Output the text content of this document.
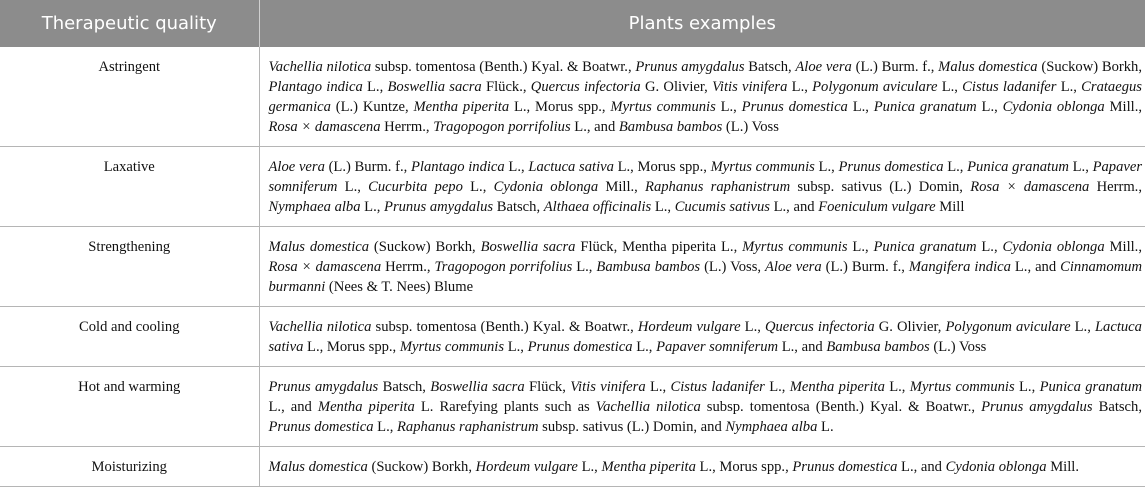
Therapeutic quality	Plants examples
Astringent	Vachellia nilotica subsp. tomentosa (Benth.) Kyal. & Boatwr., Prunus amygdalus Batsch, Aloe vera (L.) Burm. f., Malus domestica (Suckow) Borkh, Plantago indica L., Boswellia sacra Flück., Quercus infectoria G. Olivier, Vitis vinifera L., Polygonum aviculare L., Cistus ladanifer L., Crataegus germanica (L.) Kuntze, Mentha piperita L., Morus spp., Myrtus communis L., Prunus domestica L., Punica granatum L., Cydonia oblonga Mill., Rosa × damascena Herrm., Tragopogon porrifolius L., and Bambusa bambos (L.) Voss
Laxative	Aloe vera (L.) Burm. f., Plantago indica L., Lactuca sativa L., Morus spp., Myrtus communis L., Prunus domestica L., Punica granatum L., Papaver somniferum L., Cucurbita pepo L., Cydonia oblonga Mill., Raphanus raphanistrum subsp. sativus (L.) Domin, Rosa × damascena Herrm., Nymphaea alba L., Prunus amygdalus Batsch, Althaea officinalis L., Cucumis sativus L., and Foeniculum vulgare Mill
Strengthening	Malus domestica (Suckow) Borkh, Boswellia sacra Flück, Mentha piperita L., Myrtus communis L., Punica granatum L., Cydonia oblonga Mill., Rosa × damascena Herrm., Tragopogon porrifolius L., Bambusa bambos (L.) Voss, Aloe vera (L.) Burm. f., Mangifera indica L., and Cinnamomum burmanni (Nees & T. Nees) Blume
Cold and cooling	Vachellia nilotica subsp. tomentosa (Benth.) Kyal. & Boatwr., Hordeum vulgare L., Quercus infectoria G. Olivier, Polygonum aviculare L., Lactuca sativa L., Morus spp., Myrtus communis L., Prunus domestica L., Papaver somniferum L., and Bambusa bambos (L.) Voss
Hot and warming	Prunus amygdalus Batsch, Boswellia sacra Flück, Vitis vinifera L., Cistus ladanifer L., Mentha piperita L., Myrtus communis L., Punica granatum L., and Mentha piperita L. Rarefying plants such as Vachellia nilotica subsp. tomentosa (Benth.) Kyal. & Boatwr., Prunus amygdalus Batsch, Prunus domestica L., Raphanus raphanistrum subsp. sativus (L.) Domin, and Nymphaea alba L.
Moisturizing	Malus domestica (Suckow) Borkh, Hordeum vulgare L., Mentha piperita L., Morus spp., Prunus domestica L., and Cydonia oblonga Mill.
